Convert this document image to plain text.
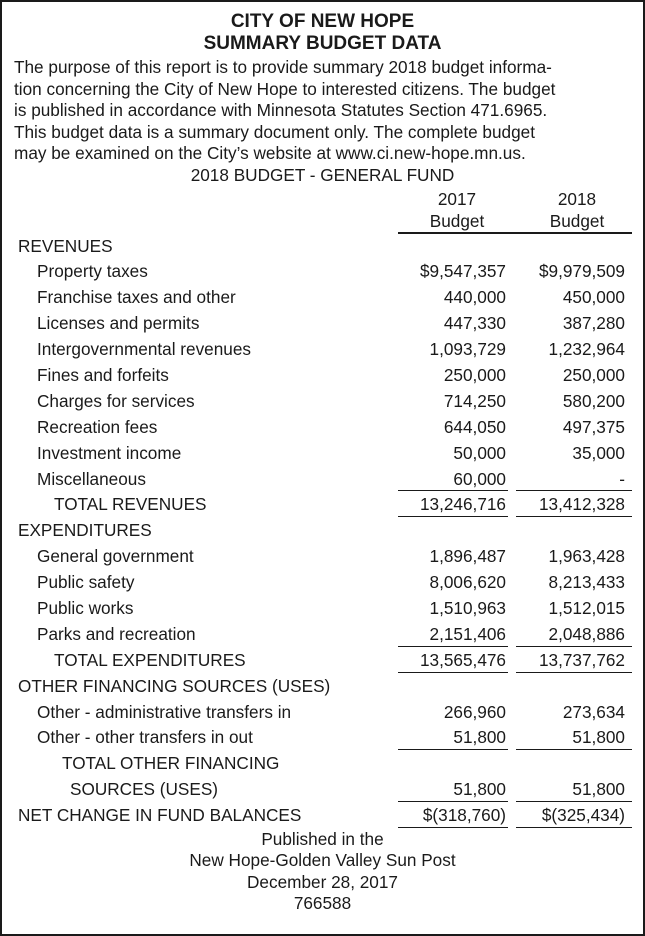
CITY OF NEW HOPE
SUMMARY BUDGET DATA
The purpose of this report is to provide summary 2018 budget informa-
tion concerning the City of New Hope to interested citizens. The budget
is published in accordance with Minnesota Statutes Section 471.6965.
This budget data is a summary document only. The complete budget
may be examined on the City’s website at www.ci.new-hope.mn.us.
2018 BUDGET - GENERAL FUND
2017
Budget
2018
Budget
REVENUES
Property taxes	$9,547,357	$9,979,509
Franchise taxes and other	440,000	450,000
Licenses and permits	447,330	387,280
Intergovernmental revenues	1,093,729	1,232,964
Fines and forfeits	250,000	250,000
Charges for services	714,250	580,200
Recreation fees	644,050	497,375
Investment income	50,000	35,000
Miscellaneous	60,000	-
TOTAL REVENUES	13,246,716	13,412,328
EXPENDITURES
General government	1,896,487	1,963,428
Public safety	8,006,620	8,213,433
Public works	1,510,963	1,512,015
Parks and recreation	2,151,406	2,048,886
TOTAL EXPENDITURES	13,565,476	13,737,762
OTHER FINANCING SOURCES (USES)
Other - administrative transfers in	266,960	273,634
Other - other transfers in out	51,800	51,800
TOTAL OTHER FINANCING
SOURCES (USES)	51,800	51,800
NET CHANGE IN FUND BALANCES	$(318,760)	$(325,434)
Published in the
New Hope-Golden Valley Sun Post
December 28, 2017
766588
